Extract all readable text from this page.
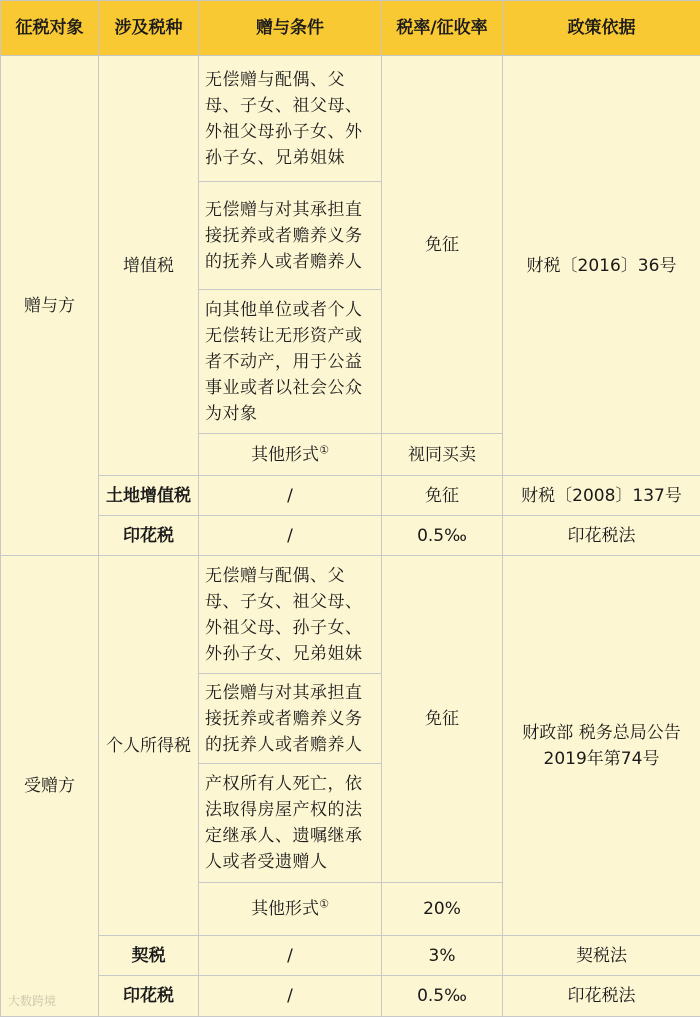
征税对象	涉及税种	赠与条件	税率/征收率	政策依据
赠与方	增值税	无偿赠与配偶、父母、子女、祖父母、外祖父母孙子女、外孙子女、兄弟姐妹	免征	财税〔2016〕36号
		无偿赠与对其承担直接抚养或者赡养义务的抚养人或者赡养人		
		向其他单位或者个人无偿转让无形资产或者不动产，用于公益事业或者以社会公众为对象		
		其他形式①	视同买卖	
	土地增值税	/	免征	财税〔2008〕137号
	印花税	/	0.5‰	印花税法

受赠方	个人所得税	无偿赠与配偶、父母、子女、祖父母、外祖父母、孙子女、外孙子女、兄弟姐妹	免征	财政部 税务总局公告2019年第74号
		无偿赠与对其承担直接抚养或者赡养义务的抚养人或者赡养人		
		产权所有人死亡，依法取得房屋产权的法定继承人、遗嘱继承人或者受遗赠人		
		其他形式①	20%	
	契税	/	3%	契税法
	印花税	/	0.5‰	印花税法

大数跨境
